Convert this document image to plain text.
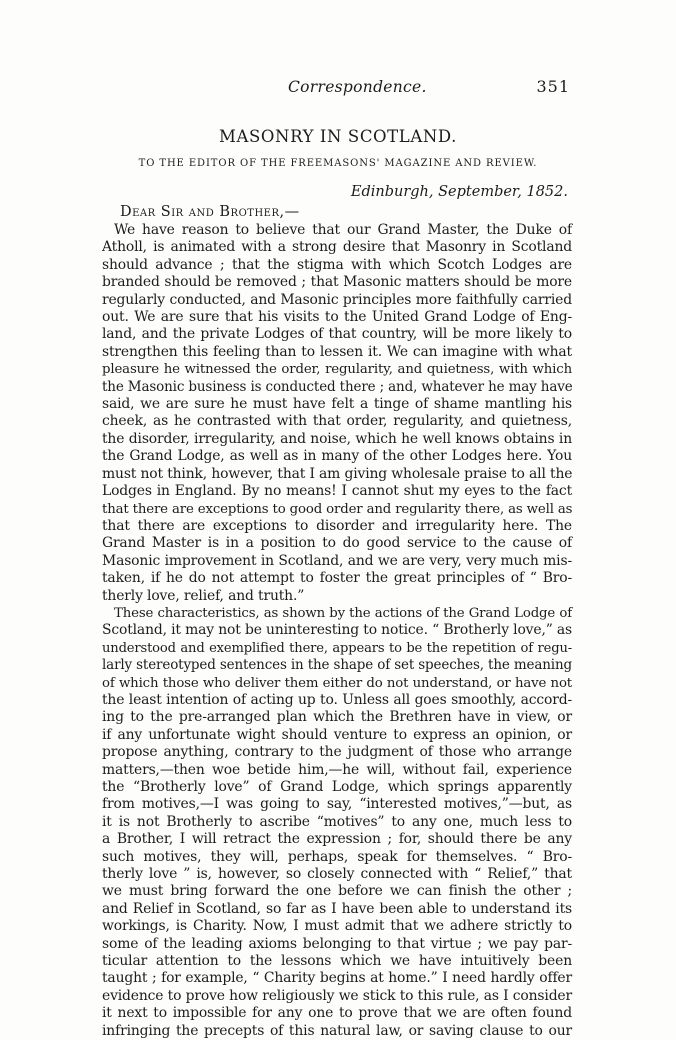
Correspondence.	351
MASONRY IN SCOTLAND.
TO THE EDITOR OF THE FREEMASONS' MAGAZINE AND REVIEW.
Edinburgh, September, 1852.
Dear Sir and Brother,—
We have reason to believe that our Grand Master, the Duke of
Atholl, is animated with a strong desire that Masonry in Scotland
should advance ; that the stigma with which Scotch Lodges are
branded should be removed ; that Masonic matters should be more
regularly conducted, and Masonic principles more faithfully carried
out. We are sure that his visits to the United Grand Lodge of Eng-
land, and the private Lodges of that country, will be more likely to
strengthen this feeling than to lessen it. We can imagine with what
pleasure he witnessed the order, regularity, and quietness, with which
the Masonic business is conducted there ; and, whatever he may have
said, we are sure he must have felt a tinge of shame mantling his
cheek, as he contrasted with that order, regularity, and quietness,
the disorder, irregularity, and noise, which he well knows obtains in
the Grand Lodge, as well as in many of the other Lodges here. You
must not think, however, that I am giving wholesale praise to all the
Lodges in England. By no means! I cannot shut my eyes to the fact
that there are exceptions to good order and regularity there, as well as
that there are exceptions to disorder and irregularity here. The
Grand Master is in a position to do good service to the cause of
Masonic improvement in Scotland, and we are very, very much mis-
taken, if he do not attempt to foster the great principles of “ Bro-
therly love, relief, and truth.”
These characteristics, as shown by the actions of the Grand Lodge of
Scotland, it may not be uninteresting to notice. “ Brotherly love,” as
understood and exemplified there, appears to be the repetition of regu-
larly stereotyped sentences in the shape of set speeches, the meaning
of which those who deliver them either do not understand, or have not
the least intention of acting up to. Unless all goes smoothly, accord-
ing to the pre-arranged plan which the Brethren have in view, or
if any unfortunate wight should venture to express an opinion, or
propose anything, contrary to the judgment of those who arrange
matters,—then woe betide him,—he will, without fail, experience
the “Brotherly love” of Grand Lodge, which springs apparently
from motives,—I was going to say, “interested motives,”—but, as
it is not Brotherly to ascribe “motives” to any one, much less to
a Brother, I will retract the expression ; for, should there be any
such motives, they will, perhaps, speak for themselves. “ Bro-
therly love ” is, however, so closely connected with “ Relief,” that
we must bring forward the one before we can finish the other ;
and Relief in Scotland, so far as I have been able to understand its
workings, is Charity. Now, I must admit that we adhere strictly to
some of the leading axioms belonging to that virtue ; we pay par-
ticular attention to the lessons which we have intuitively been
taught ; for example, “ Charity begins at home.” I need hardly offer
evidence to prove how religiously we stick to this rule, as I consider
it next to impossible for any one to prove that we are often found
infringing the precepts of this natural law, or saving clause to our
